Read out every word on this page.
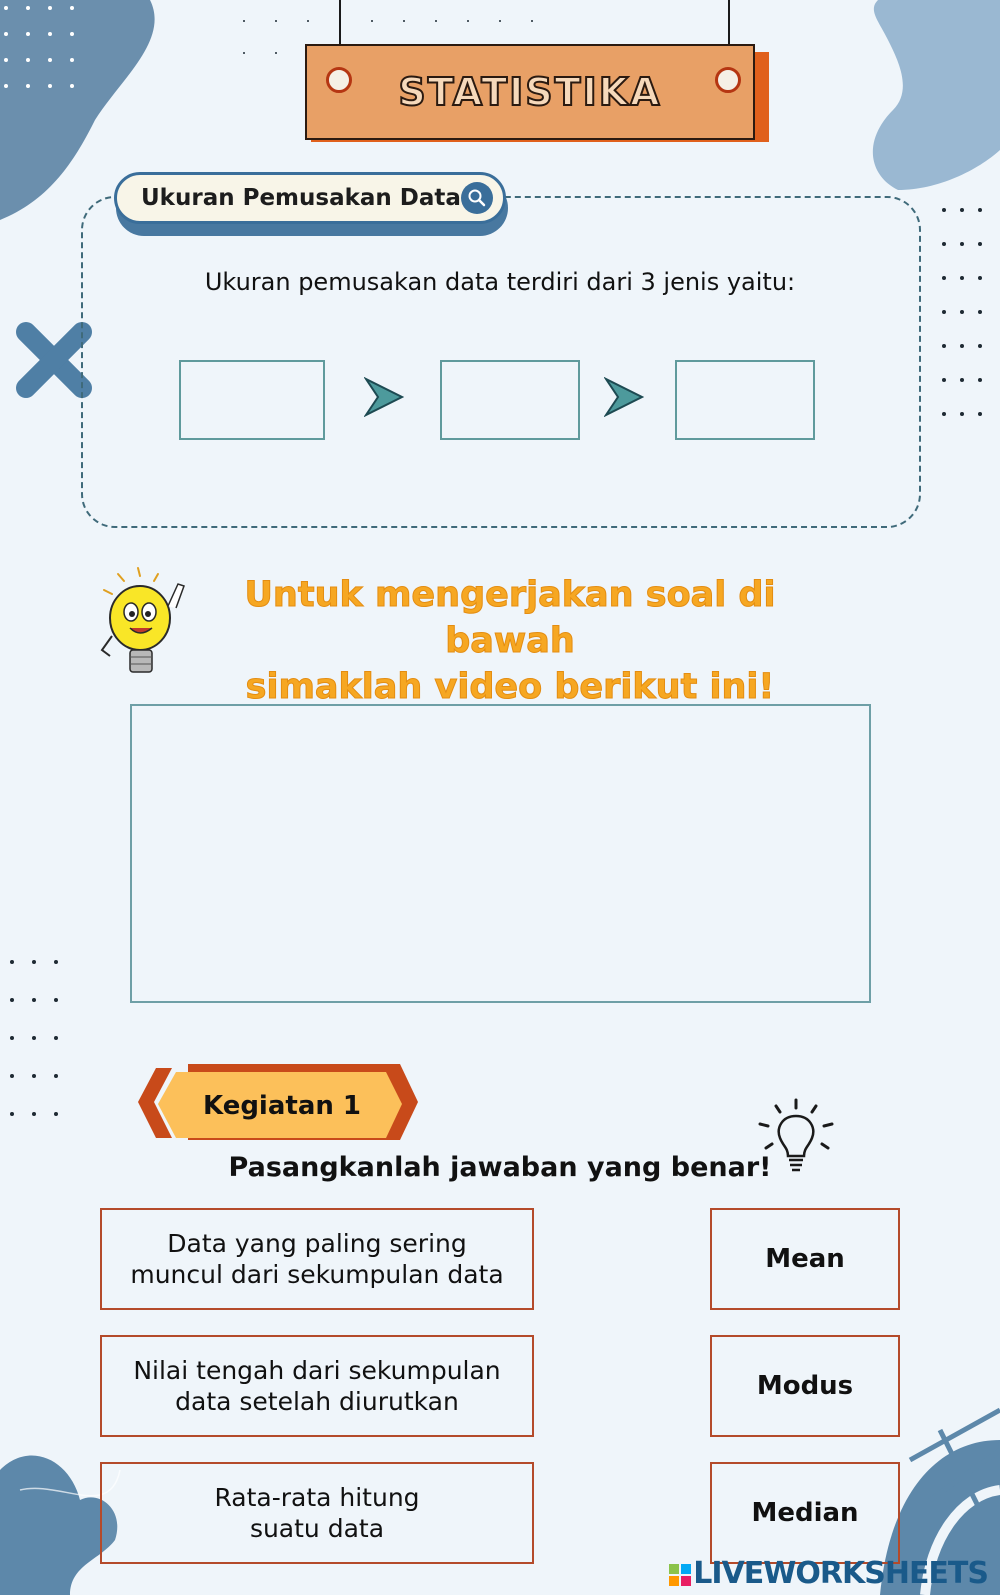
STATISTIKA
Ukuran Pemusakan Data
Ukuran pemusakan data terdiri dari 3 jenis yaitu:
Untuk mengerjakan soal di bawah
simaklah video berikut ini!
Kegiatan 1
Pasangkanlah jawaban yang benar!
Data yang paling sering
muncul dari sekumpulan data
Nilai tengah dari sekumpulan
data setelah diurutkan
Rata-rata hitung
suatu data
Mean
Modus
Median
LIVEWORKSHEETS
